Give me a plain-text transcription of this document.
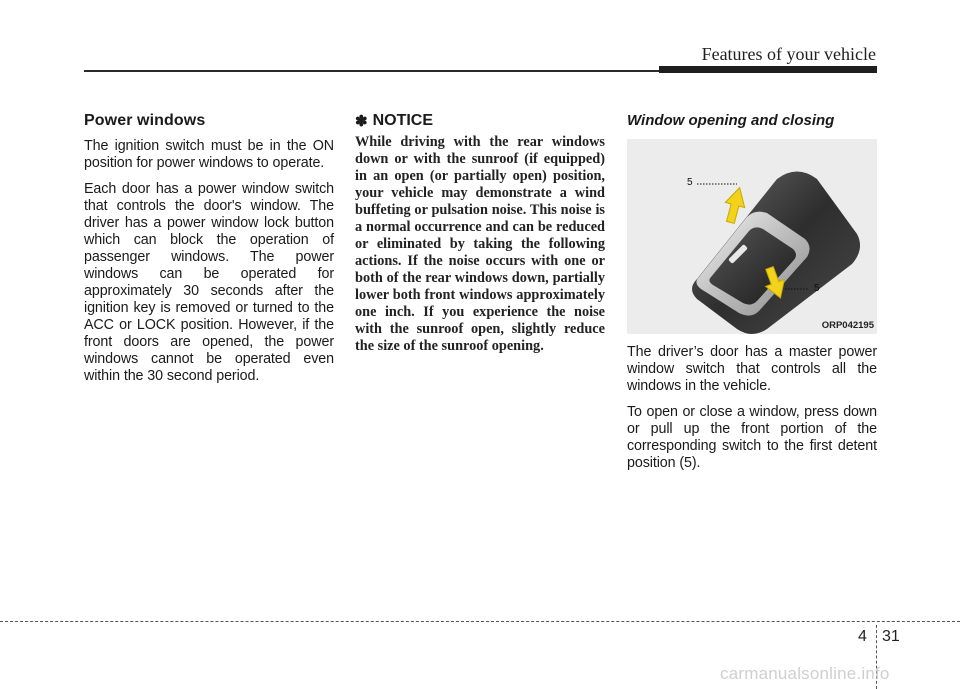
Features of your vehicle
Power windows

The ignition switch must be in the ON position for power windows to operate.

Each door has a power window switch that controls the door's window. The driver has a power window lock button which can block the operation of passenger windows. The power windows can be operated for approximately 30 seconds after the ignition key is removed or turned to the ACC or LOCK position. However, if the front doors are opened, the power windows cannot be operated even within the 30 second period.

✽ NOTICE

While driving with the rear windows down or with the sunroof (if equipped) in an open (or partially open) position, your vehicle may demonstrate a wind buffeting or pulsation noise. This noise is a normal occurrence and can be reduced or eliminated by taking the following actions. If the noise occurs with one or both of the rear windows down, partially lower both front windows approximately one inch. If you experience the noise with the sunroof open, slightly reduce the size of the sunroof opening.

Window opening and closing
5
5
ORP042195

The driver’s door has a master power window switch that controls all the windows in the vehicle.

To open or close a window, press down or pull up the front portion of the corresponding switch to the first detent position (5).

4 31
carmanualsonline.info
